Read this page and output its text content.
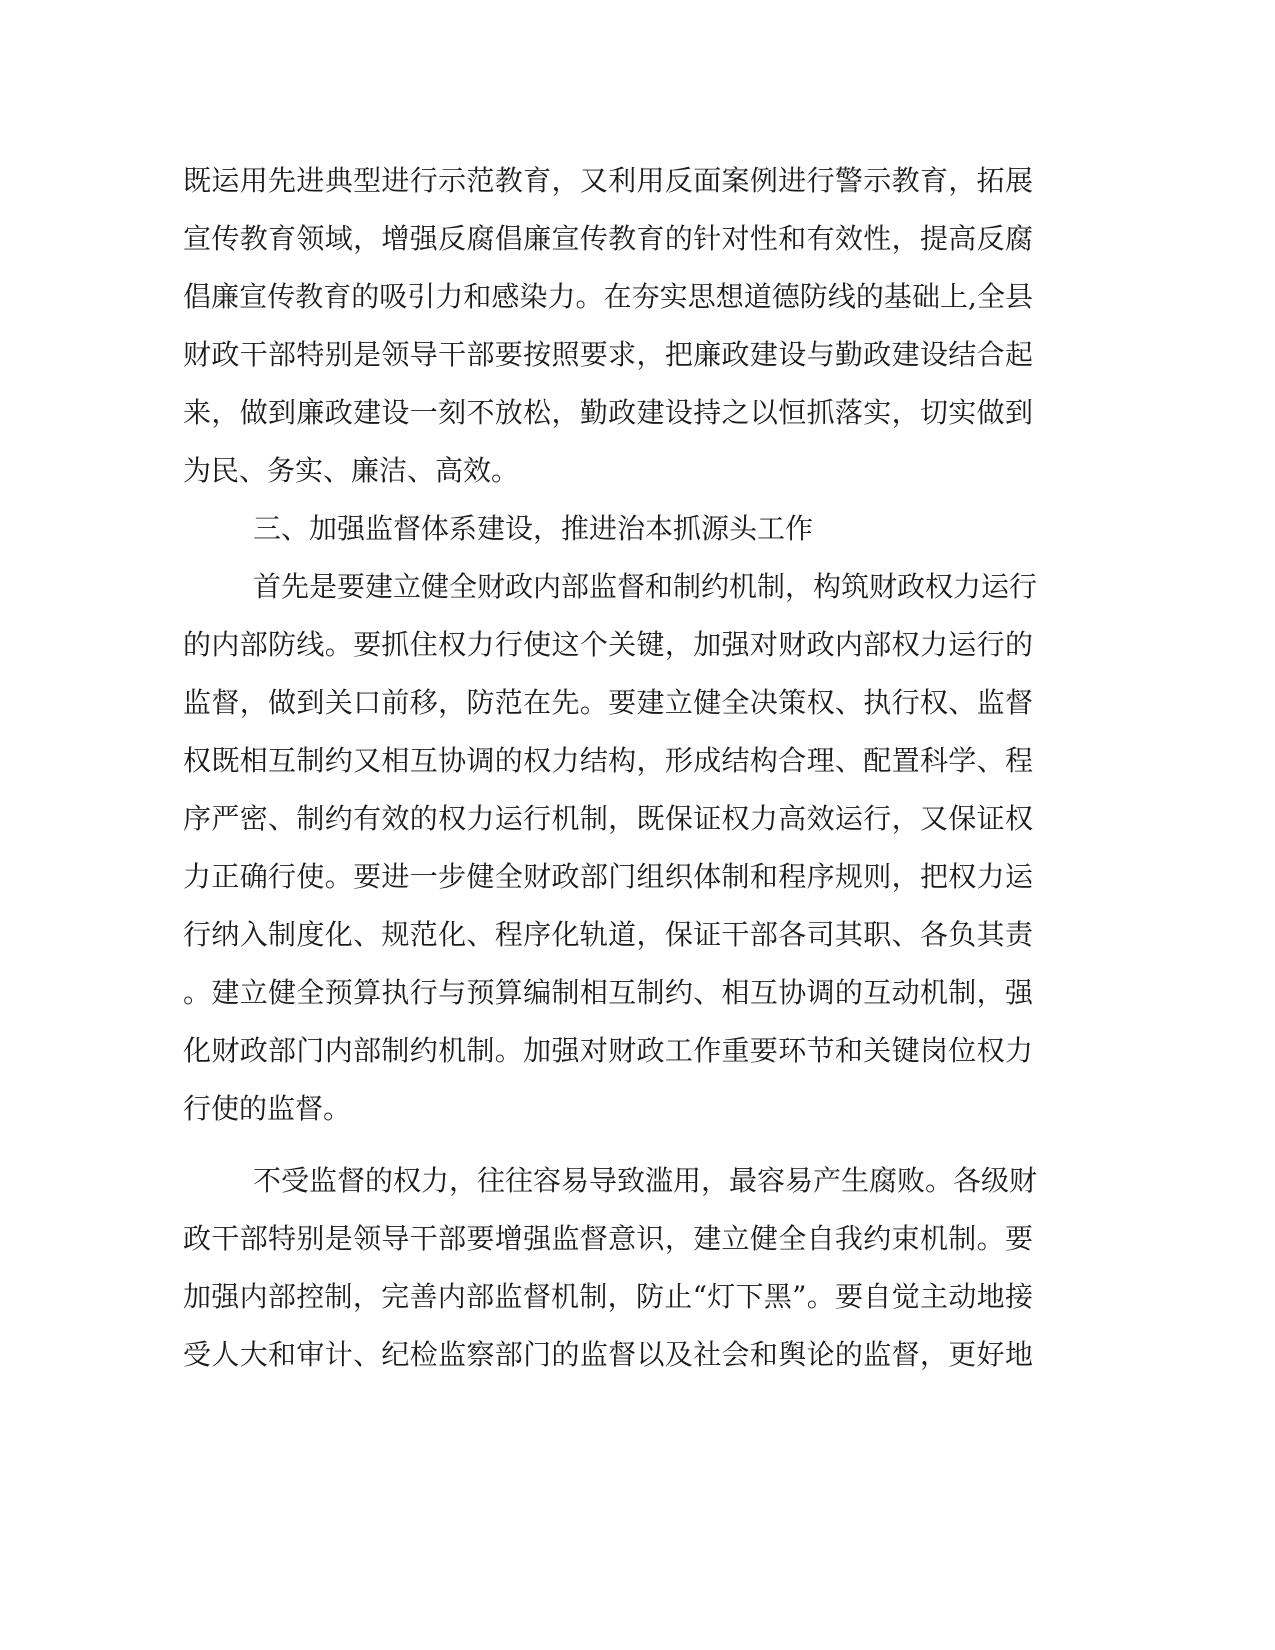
既运用先进典型进行示范教育，又利用反面案例进行警示教育，拓展
宣传教育领域，增强反腐倡廉宣传教育的针对性和有效性，提高反腐
倡廉宣传教育的吸引力和感染力。在夯实思想道德防线的基础上,全县
财政干部特别是领导干部要按照要求，把廉政建设与勤政建设结合起
来，做到廉政建设一刻不放松，勤政建设持之以恒抓落实，切实做到
为民、务实、廉洁、高效。
三、加强监督体系建设，推进治本抓源头工作
首先是要建立健全财政内部监督和制约机制，构筑财政权力运行
的内部防线。要抓住权力行使这个关键，加强对财政内部权力运行的
监督，做到关口前移，防范在先。要建立健全决策权、执行权、监督
权既相互制约又相互协调的权力结构，形成结构合理、配置科学、程
序严密、制约有效的权力运行机制，既保证权力高效运行，又保证权
力正确行使。要进一步健全财政部门组织体制和程序规则，把权力运
行纳入制度化、规范化、程序化轨道，保证干部各司其职、各负其责
。建立健全预算执行与预算编制相互制约、相互协调的互动机制，强
化财政部门内部制约机制。加强对财政工作重要环节和关键岗位权力
行使的监督。
不受监督的权力，往往容易导致滥用，最容易产生腐败。各级财
政干部特别是领导干部要增强监督意识，建立健全自我约束机制。要
加强内部控制，完善内部监督机制，防止“灯下黑”。要自觉主动地接
受人大和审计、纪检监察部门的监督以及社会和舆论的监督，更好地
